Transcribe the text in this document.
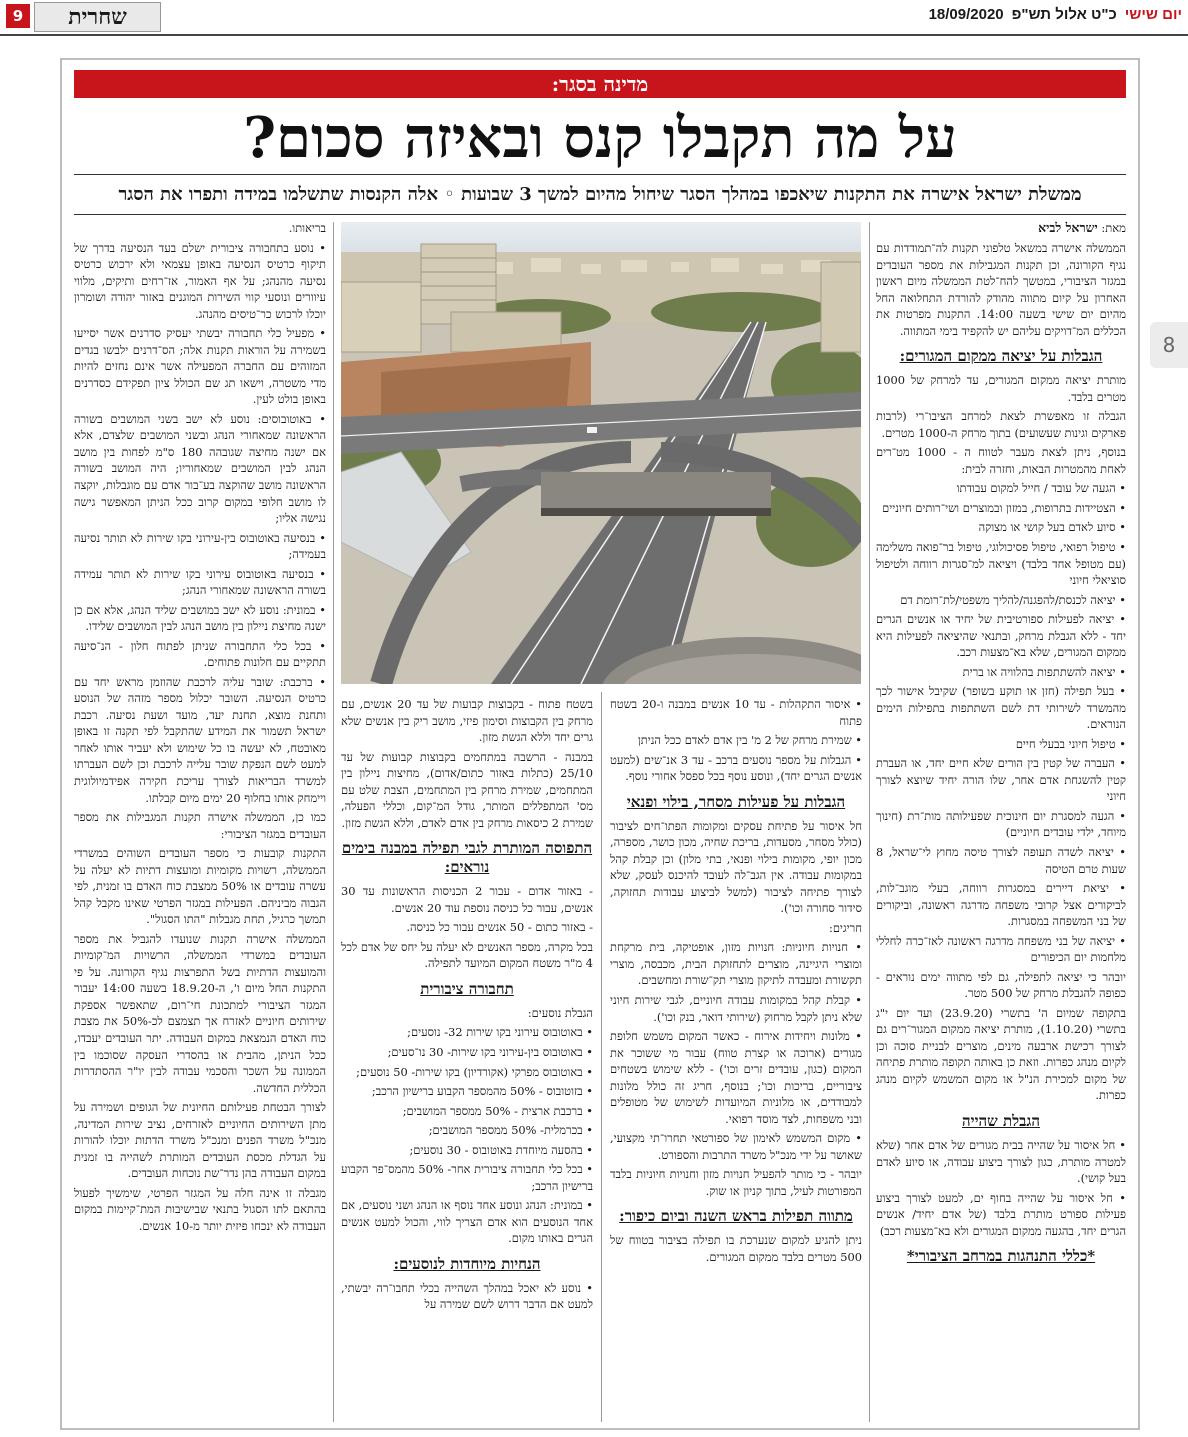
9	שחרית	יום שישיכ"ט אלול תש"פ18/09/2020
8
מדינה בסגר:
על מה תקבלו קנס ובאיזה סכום?
ממשלת ישראל אישרה את התקנות שיאכפו במהלך הסגר שיחול מהיום למשך 3 שבועות ◦ אלה הקנסות שתשלמו במידה ותפרו את הסגר
מאת: ישראל לביא

הממשלה אישרה במשאל טלפוני תקנות לה־תמודדות עם נגיף הקורונה, וכן תקנות המגבילות את מספר העובדים במגזר הציבורי, במטשך להח־לטת הממשלה מיום ראשון האחרון על קיום מתווה מהודק להורדת התחלואה החל מהיום יום שישי בשעה 14:00. התקנות מפרטות את הכללים המ־דויקים עליהם יש להקפיד בימי המתווה.

הגבלות על יציאה ממקום המגורים:

מותרת יציאה ממקום המגורים, עד למרחק של 1000 מטרים בלבד.

הגבלה זו מאפשרת לצאת למרחב הציבו־רי (לרבות פארקים וגינות שעשועים) בתוך מרחק ה-1000 מטרים.

בנוסף, ניתן לצאת מעבר לטווח ה - 1000 מט־רים לאחת מהמטרות הבאות, וחזרה לבית:

• הגעה של עובד / חייל למקום עבודתו

• הצטיידות בתרופות, במזון ובמוצרים ושי־רותים חיוניים

• סיוע לאדם בעל קושי או מצוקה

• טיפול רפואי, טיפול פסיכולוגי, טיפול בר־פואה משלימה (עם מטופל אחד בלבד) ויציאה למ־סגרות רווחה ולטיפול סוציאלי חיוני

• יציאה לכנסת/להפגנה/להליך משפטי/לת־רומת דם

• יציאה לפעילות ספורטיבית של יחיד או אנשים הגרים יחד - ללא הגבלת מרחק, ובתנאי שהיציאה לפעילות היא ממקום המגורים, שלא בא־מצעות רכב.

• יציאה להשתתפות בהלוויה או ברית

• בעל תפילה (חזן או תוקע בשופר) שקיבל אישור לכך מהמשרד לשירותי דת לשם השתתפות בתפילות הימים הנוראים.

• טיפול חיוני בבעלי חיים

• העברה של קטין בין הורים שלא חיים יחד, או העברת קטין להשגחת אדם אחר, שלו הורה יחיד שיוצא לצורך חיוני

• הגעה למסגרת יום חינוכית שפעילותה מות־רת (חינוך מיוחד, ילדי עובדים חיוניים)

• יציאה לשדה תעופה לצורך טיסה מחוץ לי־שראל, 8 שעות טרם הטיסה

• יציאת דיירים במסגרות רווחה, בעלי מוגב־לות, לביקורים אצל קרובי משפחה מדרגה ראשונה, וביקורים של בני המשפחה במסגרות.

• יציאה של בני משפחה מדרגה ראשונה לאז־כרה לחללי מלחמות יום הכיפורים

יובהר כי יציאה לתפילה, גם לפי מתווה ימים נוראים - כפופה להגבלת מרחק של 500 מטר.

בתקופה שמיום ה' בתשרי (23.9.20) ועד יום י"ג בתשרי (1.10.20), מותרת יציאה ממקום המגור־רים גם לצורך רכישת ארבעה מינים, מוצרים לבניית סוכה וכן לקיום מנהג כפרות. וזאת כן באותה תקופה מותרת פתיחה של מקום למכירת הנ"ל או מקום המשמש לקיום מנהג כפרות.

הגבלת שהייה

• חל איסור על שהייה בבית מגורים של אדם אחר (שלא למטרה מותרת, כגון לצורך ביצוע עבודה, או סיוע לאדם בעל קושי).

• חל איסור על שהייה בחוף ים, למעט לצורך ביצוע פעילות ספורט מותרת בלבד (של אדם יחיד/ אנשים הגרים יחד, בהגעה ממקום המגורים ולא בא־מצעות רכב)

*כללי התנהגות במרחב הציבורי*

• איסור התקהלות - עד 10 אנשים במבנה ו-20 בשטח פתוח

• שמירת מרחק של 2 מ' בין אדם לאדם ככל הניתן

• הגבלות על מספר נוסעים ברכב - עד 3 אנ־שים (למעט אנשים הגרים יחד), ונוסע נוסף בכל ספסל אחורי נוסף.

הגבלות על פעילות מסחר, בילוי ופנאי

חל איסור על פתיחת עסקים ומקומות הפתו־חים לציבור (כולל מסחר, מסעדות, בריכת שחיה, מכון כושר, מספרה, מכון יופי, מקומות בילוי ופנאי, בתי מלון) וכן קבלת קהל במקומות עבודה. אין הגב־לה לעובד להיכנס לעסק, שלא לצורך פתיחה לציבור (למשל לביצוע עבודות תחזוקה, סידור סחורה וכו').

חריגים:

• חנויות חיוניות: חנויות מזון, אופטיקה, בית מרקחת ומוצרי היגיינה, מוצרים לתחזוקת הבית, מכבסה, מוצרי תקשורת ומעבדה לתיקון מוצרי תק־שורת ומחשבים.

• קבלת קהל במקומות עבודה חיוניים, לגבי שירות חיוני שלא ניתן לקבל מרחוק (שירותי דואר, בנק וכו').

• מלונות ויחידות אירוח - כאשר המקום משמש חלופת מגורים (ארוכה או קצרת טווח) עבור מי ששוכר את המקום (כגון, עובדים זרים וכו') - ללא שימוש בשטחים ציבוריים, בריכות וכו'; בנוסף, חריג זה כולל מלונות למבודדים, או מלוניות המיועדות לשימוש של מטופלים ובני משפחות, לצד מוסד רפואי.

• מקום המשמש לאימון של ספורטאי תחרו־תי מקצועי, שאושר על ידי מנכ"ל משרד התרבות והספורט.

יובהר - כי מותר להפעיל חנויות מזון וחנויות חיוניות בלבד המפורטות לעיל, בתוך קניון או שוק.

מתווה תפילות בראש השנה וביום כיפור:

ניתן להגיע למקום שנערכת בו תפילה בציבור בטווח של 500 מטרים בלבד ממקום המגורים.

בשטח פתוח - בקבוצות קבועות של עד 20 אנשים, עם מרחק בין הקבוצות וסימון פיזי, מושב ריק בין אנשים שלא גרים יחד וללא הגשת מזון.

במבנה - הרשבה במתחמים בקבוצות קבועות של עד 25/10 (כתלות באזור כתום/אדום), מחיצות ניילון בין המתחמים, שמירת מרחק בין המתחמים, הצבת שלט עם מס' המתפללים המותר, גודל המ־קום, וכללי הפעלה, שמירת 2 כיסאות מרחק בין אדם לאדם, וללא הגשת מזון.

התפוסה המותרת לגבי תפילה במבנה בימים נוראים:

- באזור אדום - עבור 2 הכניסות הראשונות עד 30 אנשים, עבור כל כניסה נוספת עוד 20 אנשים.

- באזור כתום - 50 אנשים עבור כל כניסה.

בכל מקרה, מספר האנשים לא יעלה על יחס של אדם לכל 4 מ"ר משטח המקום המיועד לתפילה.

תחבורה ציבורית

הגבלת נוסעים:

• באוטובוס עירוני בקו שירות 32- נוסעים;

• באוטובוס בין-עירוני בקו שירות- 30 נו־סעים;

• באוטובוס מפרקי (אקורדיון) בקו שירות- 50 נוסעים;

• בזוטובוס - 50% מהמספר הקבוע ברישיון הרכב;

• ברכבת ארצית - 50% ממספר המושבים;

• בכרמלית- 50% ממספר המושבים;

• בהסעה מיוחדת באוטובוס - 30 נוסעים;

• בכל כלי תחבורה ציבורית אחר- 50% מהמס־פר הקבוע ברישיון הרכב;

• במונית: הנהג ונוסע אחד נוסף או הנהג ושני נוסעים, אם אחד הנוסעים הוא אדם הצריך לווי, והכול למעט אנשים הגרים באותו מקום.

הנחיות מיוחדות לנוסעים:

• נוסע לא יאכל במהלך השהייה בכלי תחבו־רה יבשתי, למעט אם הדבר דרוש לשם שמירה על

בריאותו.

• נוסע בתחבורה ציבורית ישלם בעד הנסיעה בדרך של תיקוף כרטיס הנסיעה באופן עצמאי ולא ירכוש כרטיס נסיעה מהנהג; על אף האמור, אז־רחים ותיקים, מלווי עיוורים ונוסעי קווי השירות המוגנים באזור יהודה ושומרון יוכלו לרכוש כר־טיסים מהנהג.

• מפעיל כלי תחבורה יבשתי יעסיק סדרנים אשר יסייעו בשמירה על הוראות תקנות אלה; הס־דרנים ילבשו בגדים המזוהים עם החברה המפעילה אשר אינם נחזים להיות מדי משטרה, וישאו תג שם הכולל ציון תפקידם כסדרנים באופן בולט לעין.

• באוטובוסים: נוסע לא ישב בשני המושבים בשורה הראשונה שמאחורי הנהג ובשני המושבים שלצדם, אלא אם ישנה מחיצה שגובהה 180 ס"מ לפחות בין מושב הנהג לבין המושבים שמאחוריו; היה המושב בשורה הראשונה מושב שהוקצה בע־בור אדם עם מוגבלות, יוקצה לו מושב חלופי במקום קרוב ככל הניתן המאפשר גישה נגישה אליו;

• בנסיעה באוטובוס בין-עירוני בקו שירות לא תותר נסיעה בעמידה;

• בנסיעה באוטובוס עירוני בקו שירות לא תותר עמידה בשורה הראשונה שמאחורי הנהג;

• במונית: נוסע לא ישב במושבים שליד הנהג, אלא אם כן ישנה מחיצת ניילון בין מושב הנהג לבין המושבים שלידו.

• בכל כלי התחבורה שניתן לפתוח חלון - הנ־סיעה תתקיים עם חלונות פתוחים.

• ברכבת: שובר עליה לרכבת שהוזמן מראש יחד עם כרטיס הנסיעה. השובר יכלול מספר מזהה של הנוסע ותחנת מוצא, תחנת יעד, מועד ושעת נסיעה. רכבת ישראל תשמור את המידע שהתקבל לפי תקנה זו באופן מאובטח, לא יעשה בו כל שימוש ולא יעביר אותו לאחר למעט לשם הנפקת שובר עלייה לרכבת וכן לשם העברתו למשרד הבריאות לצורך עריכת חקירה אפידמיולוגית ויימחק אותו בחלוף 20 ימים מיום קבלתו.

כמו כן, הממשלה אישרה תקנות המגבילות את מספר העובדים במגזר הציבורי:

התקנות קובעות כי מספר העובדים השוהים במשרדי הממשלה, רשויות מקומיות ומועצות דתיות לא יעלה על עשרה עובדים או 50% ממצבת כוח האדם בו זמנית, לפי הגבוה מביניהם. הפעילות במגזר הפרטי שאינו מקבל קהל תמשך כרגיל, תחת מגבלות "התו הסגול".

הממשלה אישרה תקנות שנועדו להגביל את מספר העובדים במשרדי הממשלה, הרשויות המ־קומיות והמועצות הדתיות בשל התפרצות נגיף הקורונה. על פי התקנות החל מיום ו', ה-18.9.20 בשעה 14:00 יעבור המגזר הציבורי למתכונת חי־רום, שתאפשר אספקת שירותים חיוניים לאזרח אך תצמצם לכ-50% את מצבת כוח האדם הנמצאת במקום העבודה. יתר העובדים יעבדו, ככל הניתן, מהבית או בהסדרי העסקה שסוכמו בין הממונה על השכר והסכמי עבודה לבין יו"ר ההסתדרות הכללית החדשה.

לצורך הבטחת פעילותם החיונית של הגופים ושמירה על מתן השירותים החיוניים לאזרחים, נציב שירות המדינה, מנכ"ל משרד הפנים ומנכ"ל משרד הדתות יוכלו להורות על הגדלת מכסת העובדים המותרת לשהייה בו זמנית במקום העבודה בהן נדר־שת נוכחות העובדים.

מגבלה זו אינה חלה על המגזר הפרטי, שימשיך לפעול בהתאם לתו הסגול בתנאי שבישיבות המת־קיימות במקום העבודה לא ינכחו פיזית יותר מ-10 אנשים.
